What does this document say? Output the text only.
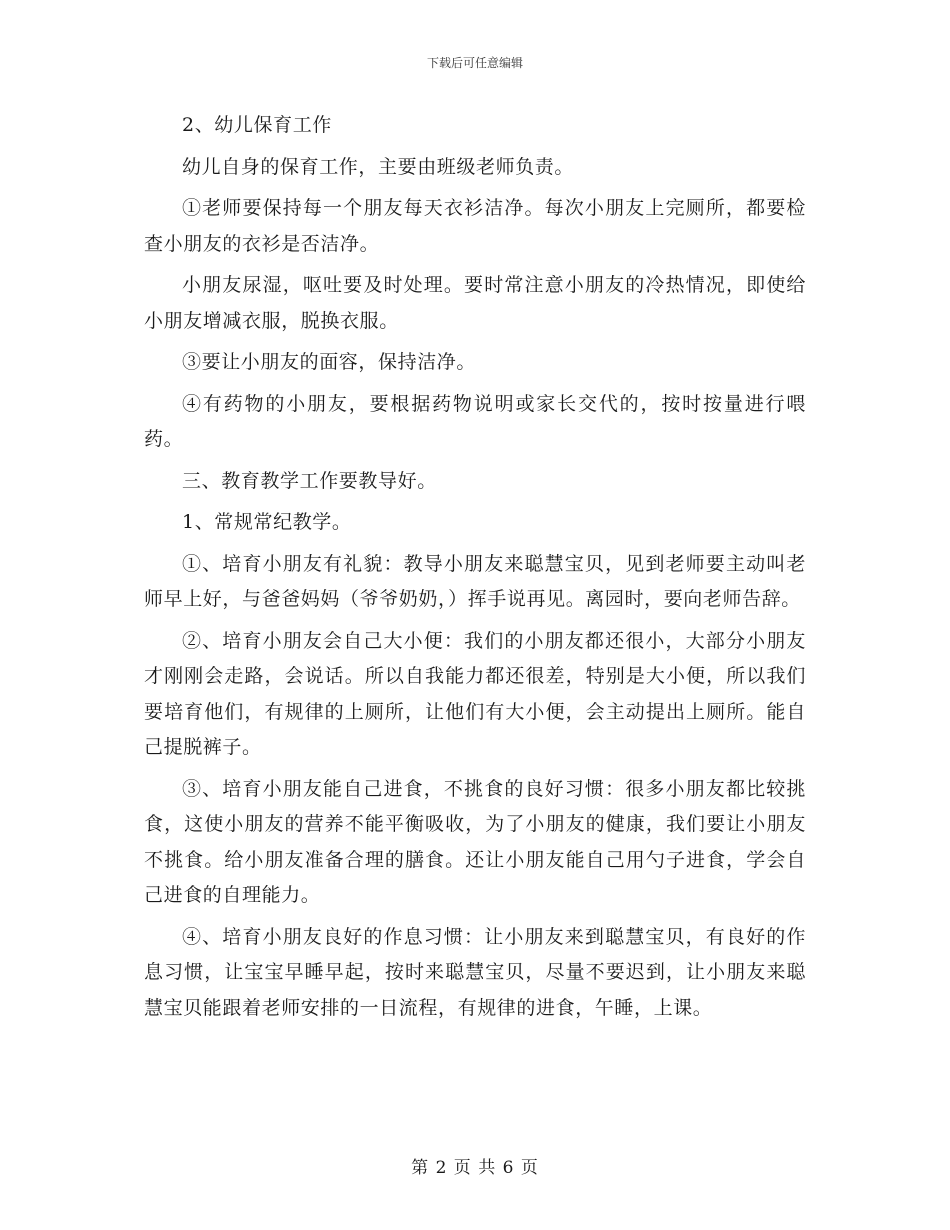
下载后可任意编辑

2、幼儿保育工作

幼儿自身的保育工作，主要由班级老师负责。

①老师要保持每一个朋友每天衣衫洁净。每次小朋友上完厕所，都要检查小朋友的衣衫是否洁净。

小朋友尿湿，呕吐要及时处理。要时常注意小朋友的冷热情况，即使给小朋友增减衣服，脱换衣服。

③要让小朋友的面容，保持洁净。

④有药物的小朋友，要根据药物说明或家长交代的，按时按量进行喂药。

三、教育教学工作要教导好。

1、常规常纪教学。

①、培育小朋友有礼貌：教导小朋友来聪慧宝贝，见到老师要主动叫老师早上好，与爸爸妈妈（爷爷奶奶，）挥手说再见。离园时，要向老师告辞。

②、培育小朋友会自己大小便：我们的小朋友都还很小，大部分小朋友才刚刚会走路，会说话。所以自我能力都还很差，特别是大小便，所以我们要培育他们，有规律的上厕所，让他们有大小便，会主动提出上厕所。能自己提脱裤子。

③、培育小朋友能自己进食，不挑食的良好习惯：很多小朋友都比较挑食，这使小朋友的营养不能平衡吸收，为了小朋友的健康，我们要让小朋友不挑食。给小朋友准备合理的膳食。还让小朋友能自己用勺子进食，学会自己进食的自理能力。

④、培育小朋友良好的作息习惯：让小朋友来到聪慧宝贝，有良好的作息习惯，让宝宝早睡早起，按时来聪慧宝贝，尽量不要迟到，让小朋友来聪慧宝贝能跟着老师安排的一日流程，有规律的进食，午睡，上课。

第 2 页 共 6 页
